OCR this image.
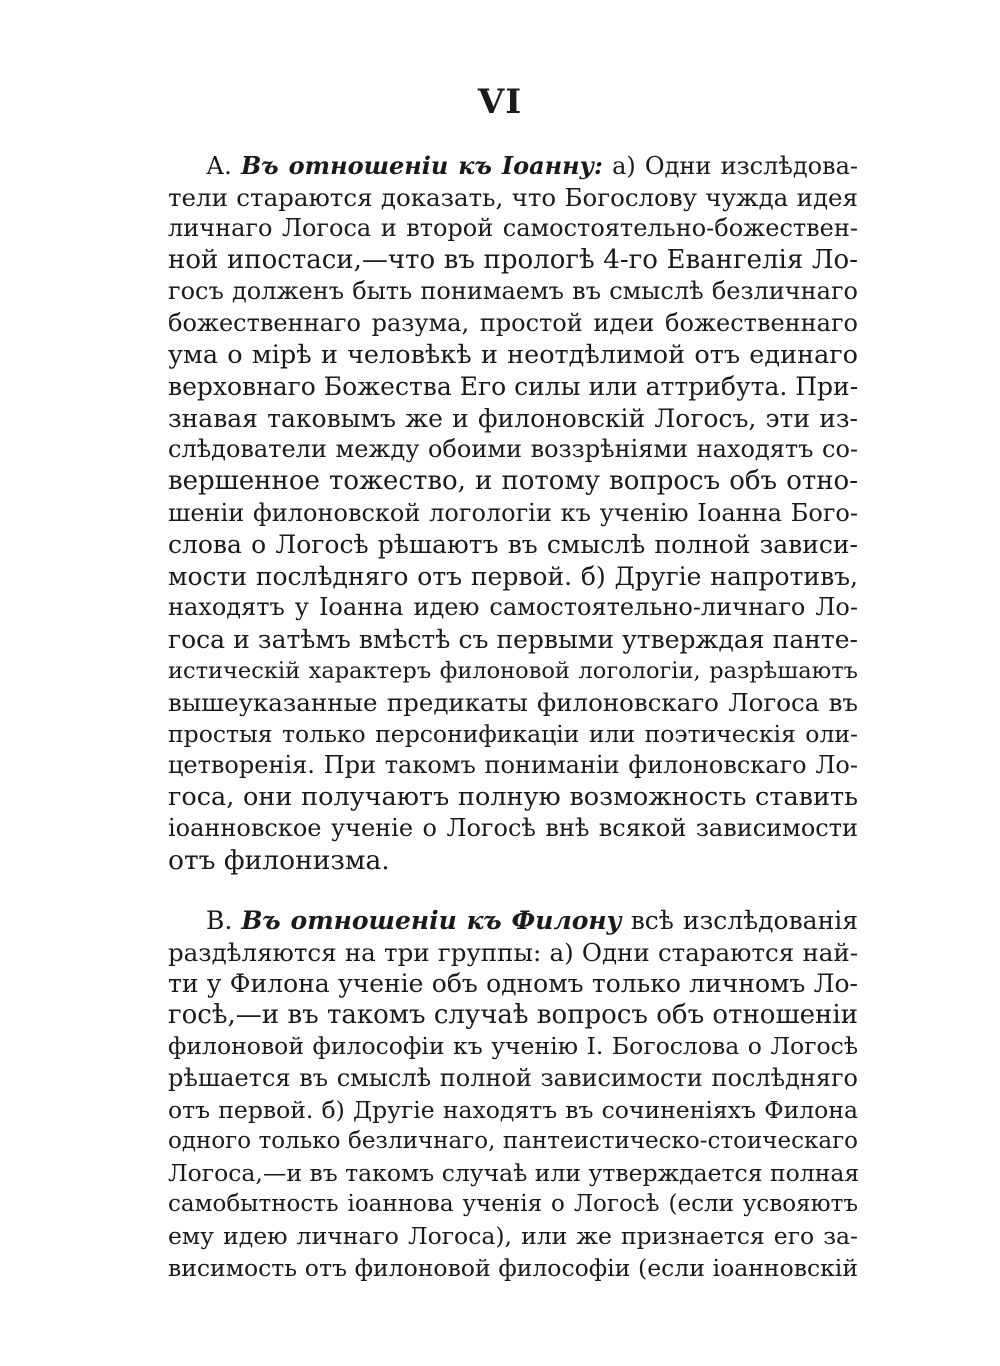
VI
А. Въ отношеніи къ Іоанну: а) Одни изслѣдова-
тели стараются доказать, что Богослову чужда идея
личнаго Логоса и второй самостоятельно-божествен-
ной ипостаси,—что въ прологѣ 4-го Евангелія Ло-
госъ долженъ быть понимаемъ въ смыслѣ безличнаго
божественнаго разума, простой идеи божественнаго
ума о мірѣ и человѣкѣ и неотдѣлимой отъ единаго
верховнаго Божества Его силы или аттрибута. При-
знавая таковымъ же и филоновскій Логосъ, эти из-
слѣдователи между обоими воззрѣніями находятъ со-
вершенное тожество, и потому вопросъ объ отно-
шеніи филоновской логологіи къ ученію Іоанна Бого-
слова о Логосѣ рѣшаютъ въ смыслѣ полной зависи-
мости послѣдняго отъ первой. б) Другіе напротивъ,
находятъ у Іоанна идею самостоятельно-личнаго Ло-
госа и затѣмъ вмѣстѣ съ первыми утверждая панте-
истическій характеръ филоновой логологіи, разрѣшаютъ
вышеуказанные предикаты филоновскаго Логоса въ
простыя только персонификаціи или поэтическія оли-
цетворенія. При такомъ пониманіи филоновскаго Ло-
госа, они получаютъ полную возможность ставить
іоанновское ученіе о Логосѣ внѣ всякой зависимости
отъ филонизма.
В. Въ отношеніи къ Филону всѣ изслѣдованія
раздѣляются на три группы: а) Одни стараются най-
ти у Филона ученіе объ одномъ только личномъ Ло-
госѣ,—и въ такомъ случаѣ вопросъ объ отношеніи
филоновой философіи къ ученію І. Богослова о Логосѣ
рѣшается въ смыслѣ полной зависимости послѣдняго
отъ первой. б) Другіе находятъ въ сочиненіяхъ Филона
одного только безличнаго, пантеистическо-стоическаго
Логоса,—и въ такомъ случаѣ или утверждается полная
самобытность іоаннова ученія о Логосѣ (если усвояютъ
ему идею личнаго Логоса), или же признается его за-
висимость отъ филоновой философіи (если іоанновскій
